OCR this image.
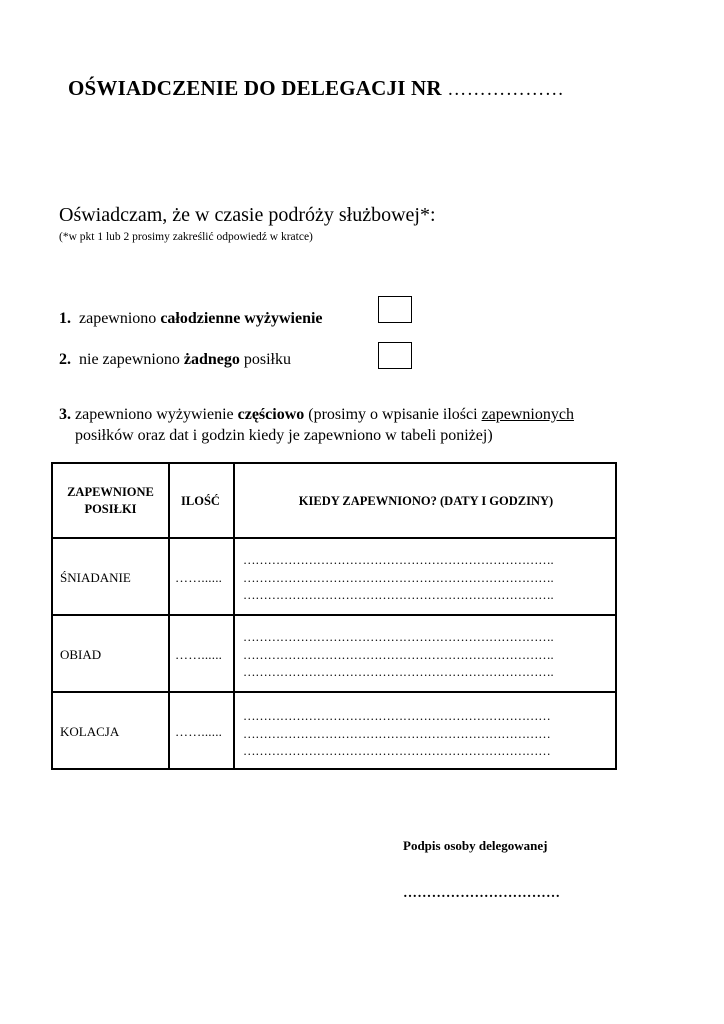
OŚWIADCZENIE DO DELEGACJI NR ………………
Oświadczam, że w czasie podróży służbowej*:
(*w pkt 1 lub 2 prosimy zakreślić odpowiedź w kratce)
1. zapewniono całodzienne wyżywienie
2. nie zapewniono żadnego posiłku
3. zapewniono wyżywienie częściowo (prosimy o wpisanie ilości zapewnionych
posiłków oraz dat i godzin kiedy je zapewniono w tabeli poniżej)
ZAPEWNIONE
POSIŁKI
ILOŚĆ	KIEDY ZAPEWNIONO? (DATY I GODZINY)
ŚNIADANIE	……......
………………………………………………………………….
………………………………………………………………….
………………………………………………………………….
OBIAD	……......
………………………………………………………………….
………………………………………………………………….
………………………………………………………………….
KOLACJA	……......
…………………………………………………………………
…………………………………………………………………
…………………………………………………………………
Podpis osoby delegowanej
……………………………
